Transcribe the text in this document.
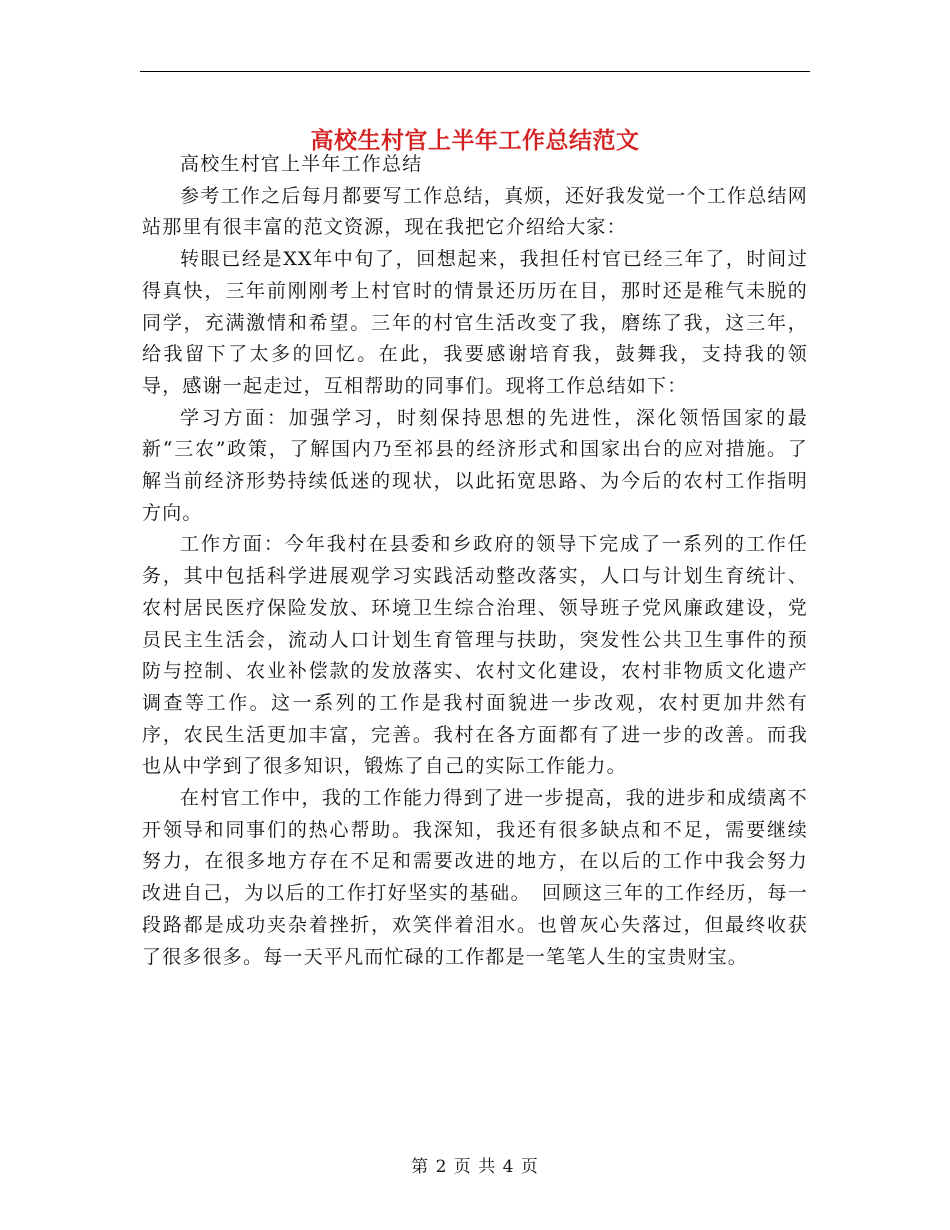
高校生村官上半年工作总结范文

高校生村官上半年工作总结

参考工作之后每月都要写工作总结，真烦，还好我发觉一个工作总结网站那里有很丰富的范文资源，现在我把它介绍给大家：

转眼已经是XX年中旬了，回想起来，我担任村官已经三年了，时间过得真快，三年前刚刚考上村官时的情景还历历在目，那时还是稚气未脱的同学，充满激情和希望。三年的村官生活改变了我，磨练了我，这三年，给我留下了太多的回忆。在此，我要感谢培育我，鼓舞我，支持我的领导，感谢一起走过，互相帮助的同事们。现将工作总结如下：

学习方面：加强学习，时刻保持思想的先进性，深化领悟国家的最新“三农”政策，了解国内乃至祁县的经济形式和国家出台的应对措施。了解当前经济形势持续低迷的现状，以此拓宽思路、为今后的农村工作指明方向。

工作方面：今年我村在县委和乡政府的领导下完成了一系列的工作任务，其中包括科学进展观学习实践活动整改落实，人口与计划生育统计、农村居民医疗保险发放、环境卫生综合治理、领导班子党风廉政建设，党员民主生活会，流动人口计划生育管理与扶助，突发性公共卫生事件的预防与控制、农业补偿款的发放落实、农村文化建设，农村非物质文化遗产调查等工作。这一系列的工作是我村面貌进一步改观，农村更加井然有序，农民生活更加丰富，完善。我村在各方面都有了进一步的改善。而我也从中学到了很多知识，锻炼了自己的实际工作能力。

在村官工作中，我的工作能力得到了进一步提高，我的进步和成绩离不开领导和同事们的热心帮助。我深知，我还有很多缺点和不足，需要继续努力，在很多地方存在不足和需要改进的地方，在以后的工作中我会努力改进自己，为以后的工作打好坚实的基础。　回顾这三年的工作经历，每一段路都是成功夹杂着挫折，欢笑伴着泪水。也曾灰心失落过，但最终收获了很多很多。每一天平凡而忙碌的工作都是一笔笔人生的宝贵财宝。

第 2 页 共 4 页
